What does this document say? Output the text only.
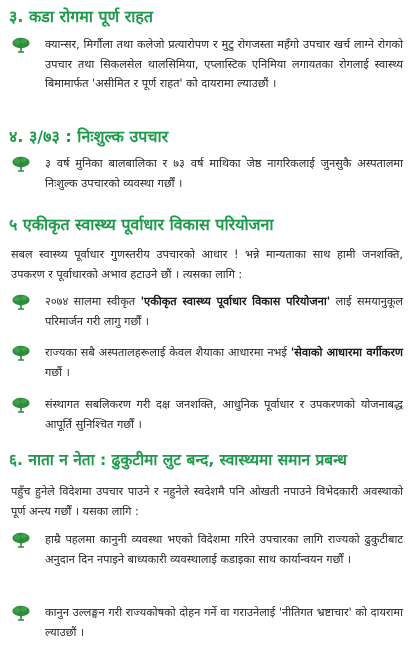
३. कडा रोगमा पूर्ण राहत
क्यान्सर, मिर्गौला तथा कलेजो प्रत्यारोपण र मुटु रोगजस्ता महँगो उपचार खर्च लाग्ने रोगको उपचार तथा सिकलसेल थालसिमिया, एप्लास्टिक एनिमिया लगायतका रोगलाई स्वास्थ्य बिमामार्फत 'असीमित र पूर्ण राहत' को दायरामा ल्याउछौं ।
४. ३/७३ : निःशुल्क उपचार
३ वर्ष मुनिका बालबालिका र ७३ वर्ष माथिका जेष्ठ नागरिकलाई जुनसुकै अस्पतालमा निःशुल्क उपचारको व्यवस्था गर्छौं ।
५ एकीकृत स्वास्थ्य पूर्वाधार विकास परियोजना
सबल स्वास्थ्य पूर्वाधार गुणस्तरीय उपचारको आधार ! भन्ने मान्यताका साथ हामी जनशक्ति, उपकरण र पूर्वाधारको अभाव हटाउने छौं । त्यसका लागि :
२०७४ सालमा स्वीकृत 'एकीकृत स्वास्थ्य पूर्वाधार विकास परियोजना' लाई समयानुकूल परिमार्जन गरी लागु गर्छौं ।
राज्यका सबै अस्पतालहरूलाई केवल शैयाका आधारमा नभई 'सेवाको आधारमा वर्गीकरण गर्छौ ।
संस्थागत सबलिकरण गरी दक्ष जनशक्ति, आधुनिक पूर्वाधार र उपकरणको योजनाबद्ध आपूर्ति सुनिश्चित गर्छौं ।
६. नाता न नेता : ढुकुटीमा लुट बन्द, स्वास्थ्यमा समान प्रबन्ध
पहुँच हुनेले विदेशमा उपचार पाउने र नहुनेले स्वदेशमै पनि ओखती नपाउने विभेदकारी अवस्थाको पूर्ण अन्त्य गर्छौं । यसका लागि :
हाम्रै पहलमा कानुनी व्यवस्था भएको विदेशमा गरिने उपचारका लागि राज्यको ढुकुटीबाट अनुदान दिन नपाइने बाध्यकारी व्यवस्थालाई कडाइका साथ कार्यान्वयन गर्छौं ।
कानुन उल्लङ्घन गरी राज्यकोषको दोहन गर्ने वा गराउनेलाई 'नीतिगत भ्रष्टाचार' को दायरामा ल्याउछौं ।
